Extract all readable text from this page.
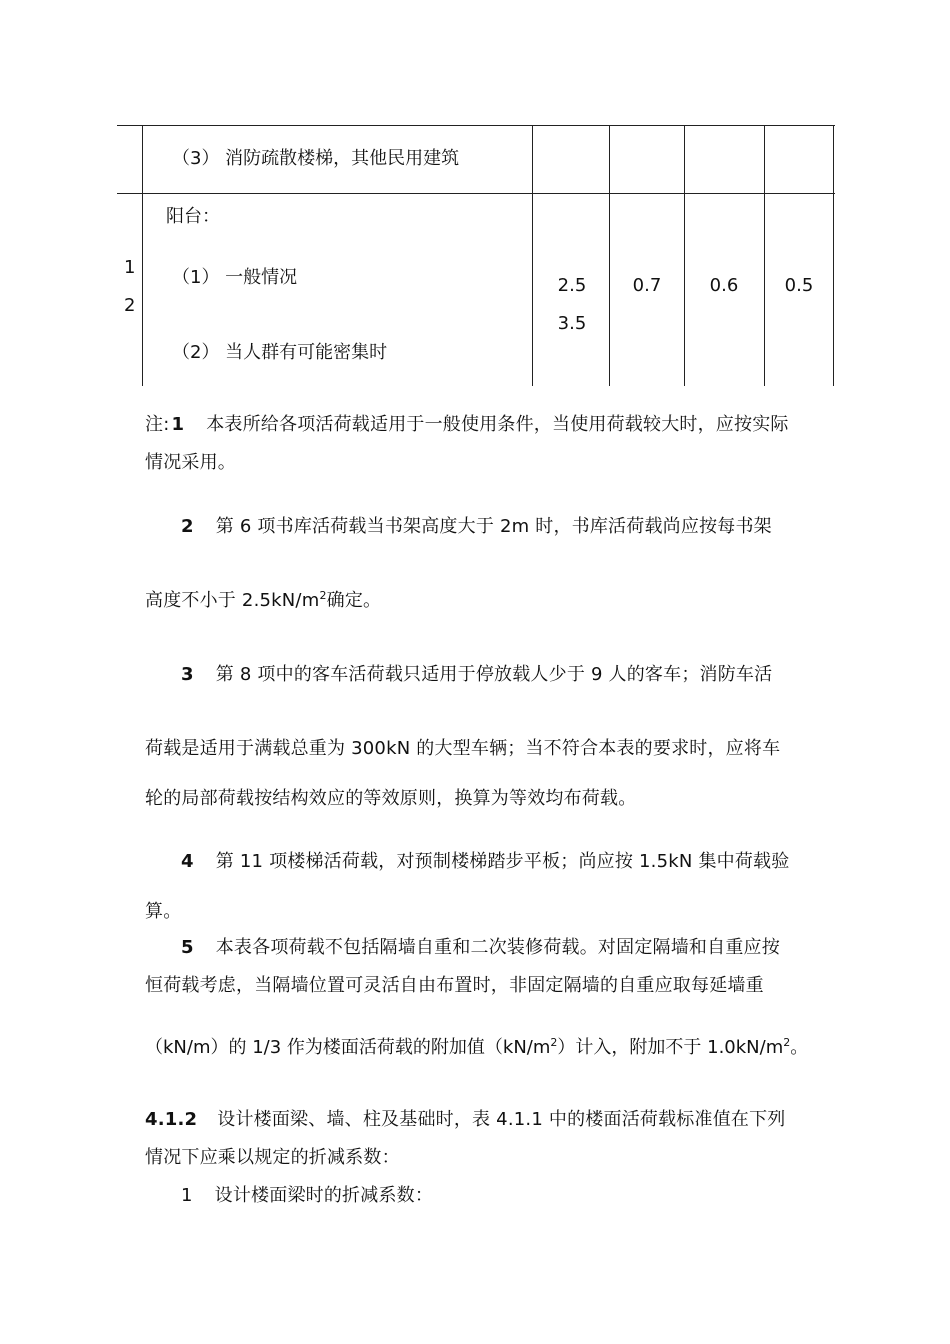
（3） 消防疏散楼梯，其他民用建筑
1
2
阳台：
（1） 一般情况
（2） 当人群有可能密集时
2.5
3.5
0.7	0.6	0.5
注: 1 本表所给各项活荷载适用于一般使用条件，当使用荷载较大时，应按实际
情况采用。
2 第 6 项书库活荷载当书架高度大于 2m 时，书库活荷载尚应按每书架
高度不小于 $2.5kN/m^2$确定。
3 第 8 项中的客车活荷载只适用于停放载人少于 9 人的客车；消防车活
荷载是适用于满载总重为 300kN 的大型车辆；当不符合本表的要求时，应将车
轮的局部荷载按结构效应的等效原则，换算为等效均布荷载。
4 第 11 项楼梯活荷载，对预制楼梯踏步平板；尚应按 1.5kN 集中荷载验
算。
5 本表各项荷载不包括隔墙自重和二次装修荷载。对固定隔墙和自重应按
恒荷载考虑，当隔墙位置可灵活自由布置时，非固定隔墙的自重应取每延墙重
（kN/m）的 1/3 作为楼面活荷载的附加值$(kN/m^2)$计入，附加不于 $1.0kN/m^2$。
4.1.2 设计楼面梁、墙、柱及基础时，表 4.1.1 中的楼面活荷载标准值在下列
情况下应乘以规定的折减系数：
1 设计楼面梁时的折减系数：
